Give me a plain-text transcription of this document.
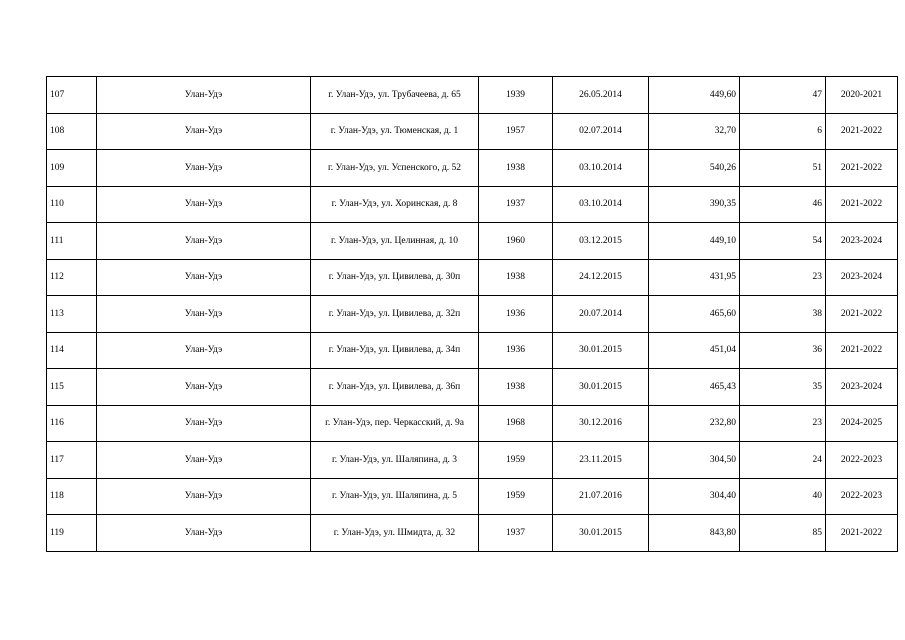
107	Улан-Удэ	г. Улан-Удэ, ул. Трубачеева, д. 65	1939	26.05.2014	449,60	47	2020-2021
108	Улан-Удэ	г. Улан-Удэ, ул. Тюменская, д. 1	1957	02.07.2014	32,70	6	2021-2022
109	Улан-Удэ	г. Улан-Удэ, ул. Успенского, д. 52	1938	03.10.2014	540,26	51	2021-2022
110	Улан-Удэ	г. Улан-Удэ, ул. Хоринская, д. 8	1937	03.10.2014	390,35	46	2021-2022
111	Улан-Удэ	г. Улан-Удэ, ул. Целинная, д. 10	1960	03.12.2015	449,10	54	2023-2024
112	Улан-Удэ	г. Улан-Удэ, ул. Цивилева, д. 30п	1938	24.12.2015	431,95	23	2023-2024
113	Улан-Удэ	г. Улан-Удэ, ул. Цивилева, д. 32п	1936	20.07.2014	465,60	38	2021-2022
114	Улан-Удэ	г. Улан-Удэ, ул. Цивилева, д. 34п	1936	30.01.2015	451,04	36	2021-2022
115	Улан-Удэ	г. Улан-Удэ, ул. Цивилева, д. 36п	1938	30.01.2015	465,43	35	2023-2024
116	Улан-Удэ	г. Улан-Удэ, пер. Черкасский, д. 9а	1968	30.12.2016	232,80	23	2024-2025
117	Улан-Удэ	г. Улан-Удэ, ул. Шаляпина, д. 3	1959	23.11.2015	304,50	24	2022-2023
118	Улан-Удэ	г. Улан-Удэ, ул. Шаляпина, д. 5	1959	21.07.2016	304,40	40	2022-2023
119	Улан-Удэ	г. Улан-Удэ, ул. Шмидта, д. 32	1937	30.01.2015	843,80	85	2021-2022
